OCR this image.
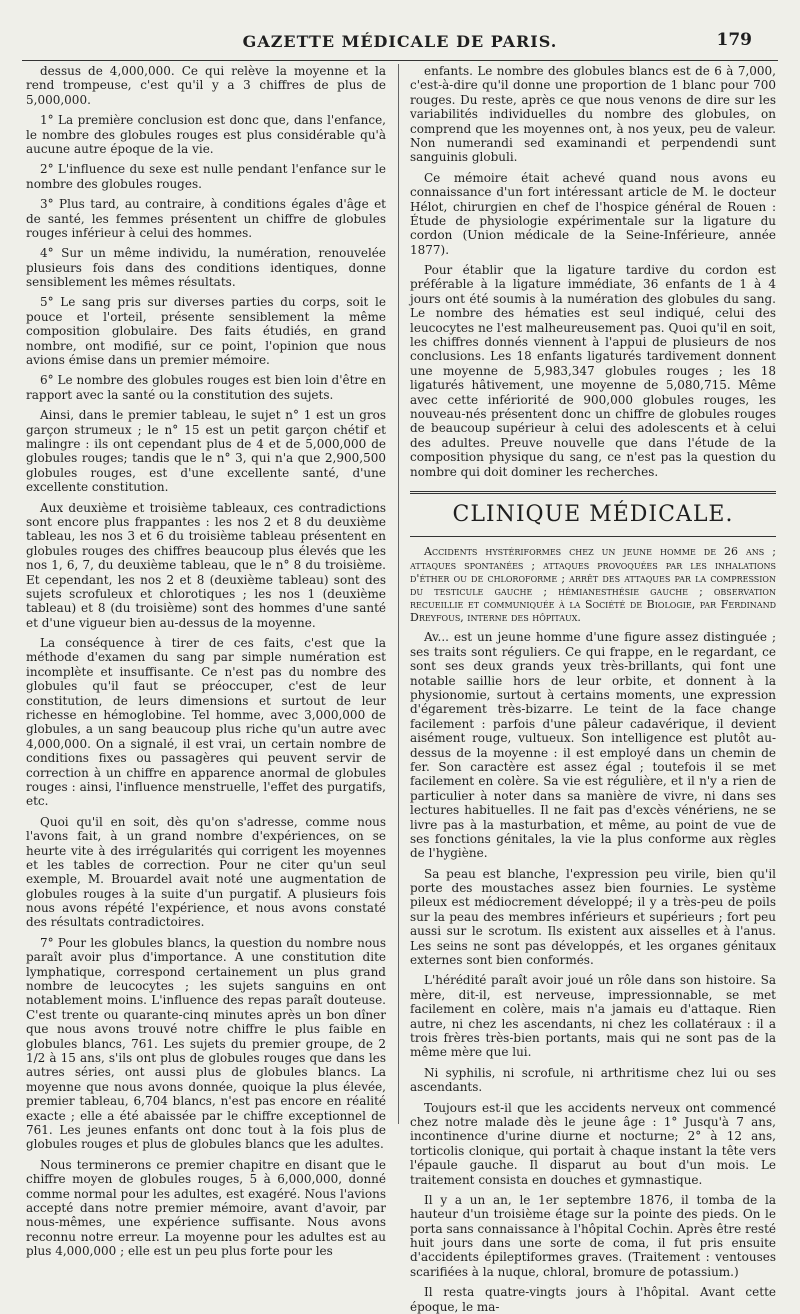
GAZETTE MÉDICALE DE PARIS.	179

dessus de 4,000,000. Ce qui relève la moyenne et la rend trompeuse, c'est qu'il y a 3 chiffres de plus de 5,000,000.

1° La première conclusion est donc que, dans l'enfance, le nombre des globules rouges est plus considérable qu'à aucune autre époque de la vie.

2° L'influence du sexe est nulle pendant l'enfance sur le nombre des globules rouges.

3° Plus tard, au contraire, à conditions égales d'âge et de santé, les femmes présentent un chiffre de globules rouges inférieur à celui des hommes.

4° Sur un même individu, la numération, renouvelée plusieurs fois dans des conditions identiques, donne sensiblement les mêmes résultats.

5° Le sang pris sur diverses parties du corps, soit le pouce et l'orteil, présente sensiblement la même composition globulaire. Des faits étudiés, en grand nombre, ont modifié, sur ce point, l'opinion que nous avions émise dans un premier mémoire.

6° Le nombre des globules rouges est bien loin d'être en rapport avec la santé ou la constitution des sujets.

Ainsi, dans le premier tableau, le sujet n° 1 est un gros garçon strumeux ; le n° 15 est un petit garçon chétif et malingre : ils ont cependant plus de 4 et de 5,000,000 de globules rouges; tandis que le n° 3, qui n'a que 2,900,500 globules rouges, est d'une excellente santé, d'une excellente constitution.

Aux deuxième et troisième tableaux, ces contradictions sont encore plus frappantes : les nos 2 et 8 du deuxième tableau, les nos 3 et 6 du troisième tableau présentent en globules rouges des chiffres beaucoup plus élevés que les nos 1, 6, 7, du deuxième tableau, que le n° 8 du troisième. Et cependant, les nos 2 et 8 (deuxième tableau) sont des sujets scrofuleux et chlorotiques ; les nos 1 (deuxième tableau) et 8 (du troisième) sont des hommes d'une santé et d'une vigueur bien au-dessus de la moyenne.

La conséquence à tirer de ces faits, c'est que la méthode d'examen du sang par simple numération est incomplète et insuffisante. Ce n'est pas du nombre des globules qu'il faut se préoccuper, c'est de leur constitution, de leurs dimensions et surtout de leur richesse en hémoglobine. Tel homme, avec 3,000,000 de globules, a un sang beaucoup plus riche qu'un autre avec 4,000,000. On a signalé, il est vrai, un certain nombre de conditions fixes ou passagères qui peuvent servir de correction à un chiffre en apparence anormal de globules rouges : ainsi, l'influence menstruelle, l'effet des purgatifs, etc.

Quoi qu'il en soit, dès qu'on s'adresse, comme nous l'avons fait, à un grand nombre d'expériences, on se heurte vite à des irrégularités qui corrigent les moyennes et les tables de correction. Pour ne citer qu'un seul exemple, M. Brouardel avait noté une augmentation de globules rouges à la suite d'un purgatif. A plusieurs fois nous avons répété l'expérience, et nous avons constaté des résultats contradictoires.

7° Pour les globules blancs, la question du nombre nous paraît avoir plus d'importance. A une constitution dite lymphatique, correspond certainement un plus grand nombre de leucocytes ; les sujets sanguins en ont notablement moins. L'influence des repas paraît douteuse. C'est trente ou quarante-cinq minutes après un bon dîner que nous avons trouvé notre chiffre le plus faible en globules blancs, 761. Les sujets du premier groupe, de 2 1/2 à 15 ans, s'ils ont plus de globules rouges que dans les autres séries, ont aussi plus de globules blancs. La moyenne que nous avons donnée, quoique la plus élevée, premier tableau, 6,704 blancs, n'est pas encore en réalité exacte ; elle a été abaissée par le chiffre exceptionnel de 761. Les jeunes enfants ont donc tout à la fois plus de globules rouges et plus de globules blancs que les adultes.

Nous terminerons ce premier chapitre en disant que le chiffre moyen de globules rouges, 5 à 6,000,000, donné comme normal pour les adultes, est exagéré. Nous l'avions accepté dans notre premier mémoire, avant d'avoir, par nous-mêmes, une expérience suffisante. Nous avons reconnu notre erreur. La moyenne pour les adultes est au plus 4,000,000 ; elle est un peu plus forte pour les

enfants. Le nombre des globules blancs est de 6 à 7,000, c'est-à-dire qu'il donne une proportion de 1 blanc pour 700 rouges. Du reste, après ce que nous venons de dire sur les variabilités individuelles du nombre des globules, on comprend que les moyennes ont, à nos yeux, peu de valeur. Non numerandi sed examinandi et perpendendi sunt sanguinis globuli.

Ce mémoire était achevé quand nous avons eu connaissance d'un fort intéressant article de M. le docteur Hélot, chirurgien en chef de l'hospice général de Rouen : Étude de physiologie expérimentale sur la ligature du cordon (Union médicale de la Seine-Inférieure, année 1877).

Pour établir que la ligature tardive du cordon est préférable à la ligature immédiate, 36 enfants de 1 à 4 jours ont été soumis à la numération des globules du sang. Le nombre des hématies est seul indiqué, celui des leucocytes ne l'est malheureusement pas. Quoi qu'il en soit, les chiffres donnés viennent à l'appui de plusieurs de nos conclusions. Les 18 enfants ligaturés tardivement donnent une moyenne de 5,983,347 globules rouges ; les 18 ligaturés hâtivement, une moyenne de 5,080,715. Même avec cette infériorité de 900,000 globules rouges, les nouveau-nés présentent donc un chiffre de globules rouges de beaucoup supérieur à celui des adolescents et à celui des adultes. Preuve nouvelle que dans l'étude de la composition physique du sang, ce n'est pas la question du nombre qui doit dominer les recherches.

CLINIQUE MÉDICALE.

Accidents hystériformes chez un jeune homme de 26 ans ; attaques spontanées ; attaques provoquées par les inhalations d'éther ou de chloroforme ; arrêt des attaques par la compression du testicule gauche ; hémianesthésie gauche ; observation recueillie et communiquée à la Société de Biologie, par Ferdinand Dreyfous, interne des hôpitaux.

Av... est un jeune homme d'une figure assez distinguée ; ses traits sont réguliers. Ce qui frappe, en le regardant, ce sont ses deux grands yeux très-brillants, qui font une notable saillie hors de leur orbite, et donnent à la physionomie, surtout à certains moments, une expression d'égarement très-bizarre. Le teint de la face change facilement : parfois d'une pâleur cadavérique, il devient aisément rouge, vultueux. Son intelligence est plutôt au-dessus de la moyenne : il est employé dans un chemin de fer. Son caractère est assez égal ; toutefois il se met facilement en colère. Sa vie est régulière, et il n'y a rien de particulier à noter dans sa manière de vivre, ni dans ses lectures habituelles. Il ne fait pas d'excès vénériens, ne se livre pas à la masturbation, et même, au point de vue de ses fonctions génitales, la vie la plus conforme aux règles de l'hygiène.

Sa peau est blanche, l'expression peu virile, bien qu'il porte des moustaches assez bien fournies. Le système pileux est médiocrement développé; il y a très-peu de poils sur la peau des membres inférieurs et supérieurs ; fort peu aussi sur le scrotum. Ils existent aux aisselles et à l'anus. Les seins ne sont pas développés, et les organes génitaux externes sont bien conformés.

L'hérédité paraît avoir joué un rôle dans son histoire. Sa mère, dit-il, est nerveuse, impressionnable, se met facilement en colère, mais n'a jamais eu d'attaque. Rien autre, ni chez les ascendants, ni chez les collatéraux : il a trois frères très-bien portants, mais qui ne sont pas de la même mère que lui.

Ni syphilis, ni scrofule, ni arthritisme chez lui ou ses ascendants.

Toujours est-il que les accidents nerveux ont commencé chez notre malade dès le jeune âge : 1° Jusqu'à 7 ans, incontinence d'urine diurne et nocturne; 2° à 12 ans, torticolis clonique, qui portait à chaque instant la tête vers l'épaule gauche. Il disparut au bout d'un mois. Le traitement consista en douches et gymnastique.

Il y a un an, le 1er septembre 1876, il tomba de la hauteur d'un troisième étage sur la pointe des pieds. On le porta sans connaissance à l'hôpital Cochin. Après être resté huit jours dans une sorte de coma, il fut pris ensuite d'accidents épileptiformes graves. (Traitement : ventouses scarifiées à la nuque, chloral, bromure de potassium.)

Il resta quatre-vingts jours à l'hôpital. Avant cette époque, le ma-
